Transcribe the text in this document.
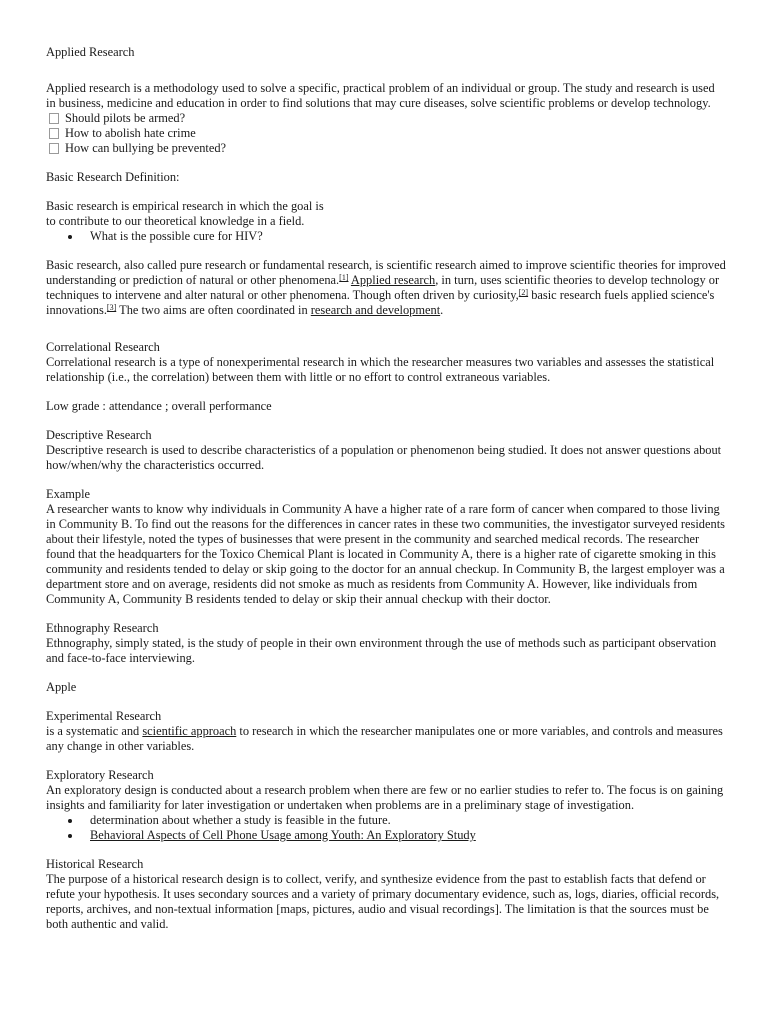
Applied Research

Applied research is a methodology used to solve a specific, practical problem of an individual or group. The study and research is used in business, medicine and education in order to find solutions that may cure diseases, solve scientific problems or develop technology.

Should pilots be armed?
How to abolish hate crime
How can bullying be prevented?

Basic Research Definition:

Basic research is empirical research in which the goal is
to contribute to our theoretical knowledge in a field.

What is the possible cure for HIV?

Basic research, also called pure research or fundamental research, is scientific research aimed to improve scientific theories for improved understanding or prediction of natural or other phenomena.[1] Applied research, in turn, uses scientific theories to develop technology or techniques to intervene and alter natural or other phenomena. Though often driven by curiosity,[2] basic research fuels applied science's innovations.[3] The two aims are often coordinated in research and development.

Correlational Research

Correlational research is a type of nonexperimental research in which the researcher measures two variables and assesses the statistical relationship (i.e., the correlation) between them with little or no effort to control extraneous variables.

Low grade : attendance ; overall performance

Descriptive Research

Descriptive research is used to describe characteristics of a population or phenomenon being studied. It does not answer questions about how/when/why the characteristics occurred.

Example

A researcher wants to know why individuals in Community A have a higher rate of a rare form of cancer when compared to those living in Community B. To find out the reasons for the differences in cancer rates in these two communities, the investigator surveyed residents about their lifestyle, noted the types of businesses that were present in the community and searched medical records. The researcher found that the headquarters for the Toxico Chemical Plant is located in Community A, there is a higher rate of cigarette smoking in this community and residents tended to delay or skip going to the doctor for an annual checkup. In Community B, the largest employer was a department store and on average, residents did not smoke as much as residents from Community A. However, like individuals from Community A, Community B residents tended to delay or skip their annual checkup with their doctor.

Ethnography Research

Ethnography, simply stated, is the study of people in their own environment through the use of methods such as participant observation and face-to-face interviewing.

Apple

Experimental Research

is a systematic and scientific approach to research in which the researcher manipulates one or more variables, and controls and measures any change in other variables.

Exploratory Research

An exploratory design is conducted about a research problem when there are few or no earlier studies to refer to. The focus is on gaining insights and familiarity for later investigation or undertaken when problems are in a preliminary stage of investigation.

determination about whether a study is feasible in the future.
Behavioral Aspects of Cell Phone Usage among Youth: An Exploratory Study

Historical Research

The purpose of a historical research design is to collect, verify, and synthesize evidence from the past to establish facts that defend or refute your hypothesis. It uses secondary sources and a variety of primary documentary evidence, such as, logs, diaries, official records, reports, archives, and non-textual information [maps, pictures, audio and visual recordings]. The limitation is that the sources must be both authentic and valid.
